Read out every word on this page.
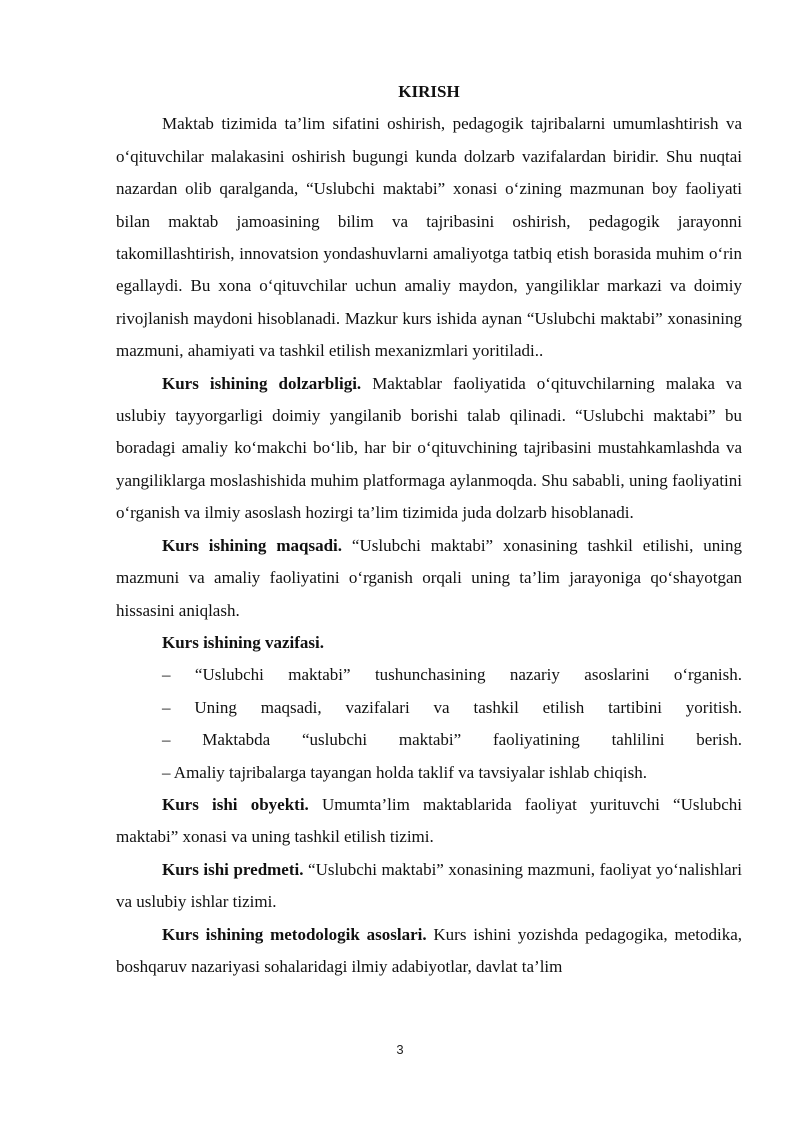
KIRISH

Maktab tizimida ta’lim sifatini oshirish, pedagogik tajribalarni umumlashtirish va o‘qituvchilar malakasini oshirish bugungi kunda dolzarb vazifalardan biridir. Shu nuqtai nazardan olib qaralganda, “Uslubchi maktabi” xonasi o‘zining mazmunan boy faoliyati bilan maktab jamoasining bilim va tajribasini oshirish, pedagogik jarayonni takomillashtirish, innovatsion yondashuvlarni amaliyotga tatbiq etish borasida muhim o‘rin egallaydi. Bu xona o‘qituvchilar uchun amaliy maydon, yangiliklar markazi va doimiy rivojlanish maydoni hisoblanadi. Mazkur kurs ishida aynan “Uslubchi maktabi” xonasining mazmuni, ahamiyati va tashkil etilish mexanizmlari yoritiladi..

Kurs ishining dolzarbligi. Maktablar faoliyatida o‘qituvchilarning malaka va uslubiy tayyorgarligi doimiy yangilanib borishi talab qilinadi. “Uslubchi maktabi” bu boradagi amaliy ko‘makchi bo‘lib, har bir o‘qituvchining tajribasini mustahkamlashda va yangiliklarga moslashishida muhim platformaga aylanmoqda. Shu sababli, uning faoliyatini o‘rganish va ilmiy asoslash hozirgi ta’lim tizimida juda dolzarb hisoblanadi.

Kurs ishining maqsadi. “Uslubchi maktabi” xonasining tashkil etilishi, uning mazmuni va amaliy faoliyatini o‘rganish orqali uning ta’lim jarayoniga qo‘shayotgan hissasini aniqlash.

Kurs ishining vazifasi.

– “Uslubchi maktabi” tushunchasining nazariy asoslarini o‘rganish.

– Uning maqsadi, vazifalari va tashkil etilish tartibini yoritish.

– Maktabda “uslubchi maktabi” faoliyatining tahlilini berish.

– Amaliy tajribalarga tayangan holda taklif va tavsiyalar ishlab chiqish.

Kurs ishi obyekti. Umumta’lim maktablarida faoliyat yurituvchi “Uslubchi maktabi” xonasi va uning tashkil etilish tizimi.

Kurs ishi predmeti. “Uslubchi maktabi” xonasining mazmuni, faoliyat yo‘nalishlari va uslubiy ishlar tizimi.

Kurs ishining metodologik asoslari. Kurs ishini yozishda pedagogika, metodika, boshqaruv nazariyasi sohalaridagi ilmiy adabiyotlar, davlat ta’lim

3
